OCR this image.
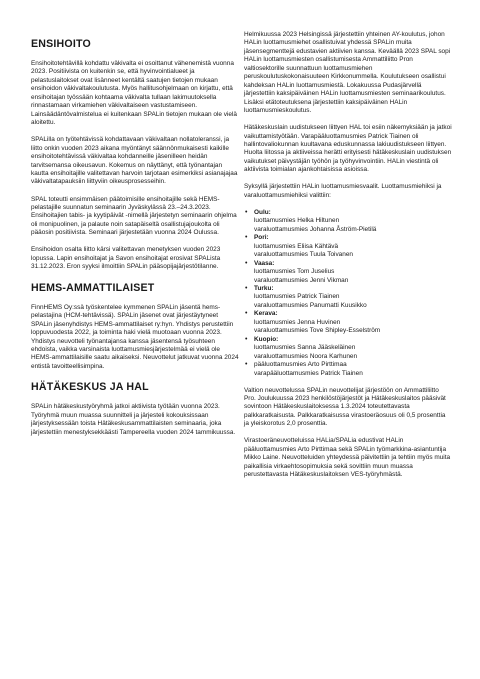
ENSIHOITO

Ensihoitotehtävillä kohdattu väkivalta ei osoittanut vähenemistä vuonna 2023. Positiivista on kuitenkin se, että hyvinvointialueet ja pelastuslaitokset ovat lisänneet kentältä saatujen tietojen mukaan ensihoidon väkivaltakoulutusta. Myös hallitusohjelmaan on kirjattu, että ensihoitajan työssään kohtaama väkivalta tullaan lakimuutoksella rinnastamaan virkamiehen väkivaltaiseen vastustamiseen. Lainsäädäntövalmistelua ei kuitenkaan SPALin tietojen mukaan ole vielä aloitettu.

SPALilla on työtehtävissä kohdattavaan väkivaltaan nollatoleranssi, ja liitto onkin vuoden 2023 aikana myöntänyt säännönmukaisesti kaikille ensihoitotehtävissä väkivaltaa kohdanneille jäsenilleen heidän tarvitsemansa oikeusavun. Kokemus on näyttänyt, että työnantajan kautta ensihoitajille valitettavan harvoin tarjotaan esimerkiksi asianajajaa väkivaltatapauksiin liittyviin oikeusprosesseihin.

SPAL toteutti ensimmäisen päätoimisille ensihoitajille sekä HEMS-pelastajille suunnatun seminaarin Jyväskylässä 23.–24.3.2023. Ensihoitajien tabis- ja kyytipäivät -nimellä järjestetyn seminaarin ohjelma oli monipuolinen, ja palaute noin satapäiseltä osallistujajoukolta oli pääosin positiivista. Seminaari järjestetään vuonna 2024 Oulussa.

Ensihoidon osalta liitto kärsi valitettavan menetyksen vuoden 2023 lopussa. Lapin ensihoitajat ja Savon ensihoitajat erosivat SPALista 31.12.2023. Eron syyksi ilmoittiin SPALin pääsopijajärjestötilanne.

HEMS-AMMATTILAISET

FinnHEMS Oy:ssä työskentelee kymmenen SPALin jäsentä hems-pelastajina (HCM-tehtävissä). SPALin jäsenet ovat järjestäytyneet SPALin jäsenyhdistys HEMS-ammattilaiset ry:hyn. Yhdistys perustettiin loppuvuodesta 2022, ja toiminta haki vielä muotoaan vuonna 2023. Yhdistys neuvotteli työnantajansa kanssa jäsentensä työsuhteen ehdoista, vaikka varsinaista luottamusmiesjärjestelmää ei vielä ole HEMS-ammattilaisille saatu aikaiseksi. Neuvottelut jatkuvat vuonna 2024 entistä tavoitteellisimpina.

HÄTÄKESKUS JA HAL

SPALin hätäkeskustyöryhmä jatkoi aktiivista työtään vuonna 2023. Työryhmä muun muassa suunnitteli ja järjesteli kokouksissaan järjestyksessään toista Hätäkeskusammattilaisten seminaaria, joka järjestettiin menestyksekkäästi Tampereella vuoden 2024 tammikuussa.

Helmikuussa 2023 Helsingissä järjestettiin yhteinen AY-koulutus, johon HALin luottamusmiehet osallistuivat yhdessä SPALin muita jäsensegmenttejä edustavien aktiivien kanssa. Keväällä 2023 SPAL sopi HALin luottamusmiesten osallistumisesta Ammattiliitto Pron valtiosektorille suunnattuun luottamusmiehen peruskoulutuskokonaisuuteen Kirkkonummella. Koulutukseen osallistui kahdeksan HALin luottamusmiestä. Lokakuussa Pudasjärvellä järjestettiin kaksipäiväinen HALin luottamusmiesten seminaarikoulutus. Lisäksi etätoteutuksena järjestettiin kaksipäiväinen HALin luottamusmieskoulutus.

Hätäkeskuslain uudistukseen liittyen HAL toi esiin näkemyksiään ja jatkoi vaikuttamistyötään. Varapääluottamusmies Patrick Tiainen oli hallintovaliokunnan kuultavana eduskunnassa lakiuudistukseen liittyen. Huolta liitossa ja aktiiveissa herätti erityisesti hätäkeskuslain uudistuksen vaikutukset päivystäjän työhön ja työhyvinvointiin. HALin viestintä oli aktiivista toimialan ajankohtaisissa asioissa.

Syksyllä järjestettiin HALin luottamusmiesvaalit. Luottamusmiehiksi ja varaluottamusmiehiksi valittiin:

• Oulu:
luottamusmies Helka Hiltunen
varaluottamusmies Johanna Åström-Pietilä
• Pori:
luottamusmies Eliisa Kähtävä
varaluottamusmies Tuula Toivanen
• Vaasa:
luottamusmies Tom Juselius
varaluottamusmies Jenni Vikman
• Turku:
luottamusmies Patrick Tiainen
varaluottamusmies Panumatti Kuusikko
• Kerava:
luottamusmies Jenna Huvinen
varaluottamusmies Tove Shipley-Esselström
• Kuopio:
luottamusmies Sanna Jääskeläinen
varaluottamusmies Noora Karhunen
• pääluottamusmies Arto Pirttimaa
varapääluottamusmies Patrick Tiainen

Valtion neuvottelussa SPALin neuvottelijat järjestöön on Ammattiliitto Pro. Joulukuussa 2023 henkilöstöjärjestöt ja Hätäkeskuslaitos pääsivät sovintoon Hätäkeskuslaitoksessa 1.3.2024 toteutettavasta palkkaratkaisusta. Palkkaratkaisussa virastoeräosuus oli 0,5 prosenttia ja yleiskorotus 2,0 prosenttia.

Virastoeräneuvotteluissa HALia/SPALia edustivat HALin pääluottamusmies Arto Pirttimaa sekä SPALin työmarkkina-asiantuntija Mikko Laine. Neuvotteluiden yhteydessä päivitettiin ja tehtiin myös muita paikallisia virkaehtosopimuksia sekä sovittiin muun muassa perustettavasta Hätäkeskuslaitoksen VES-työryhmästä.
